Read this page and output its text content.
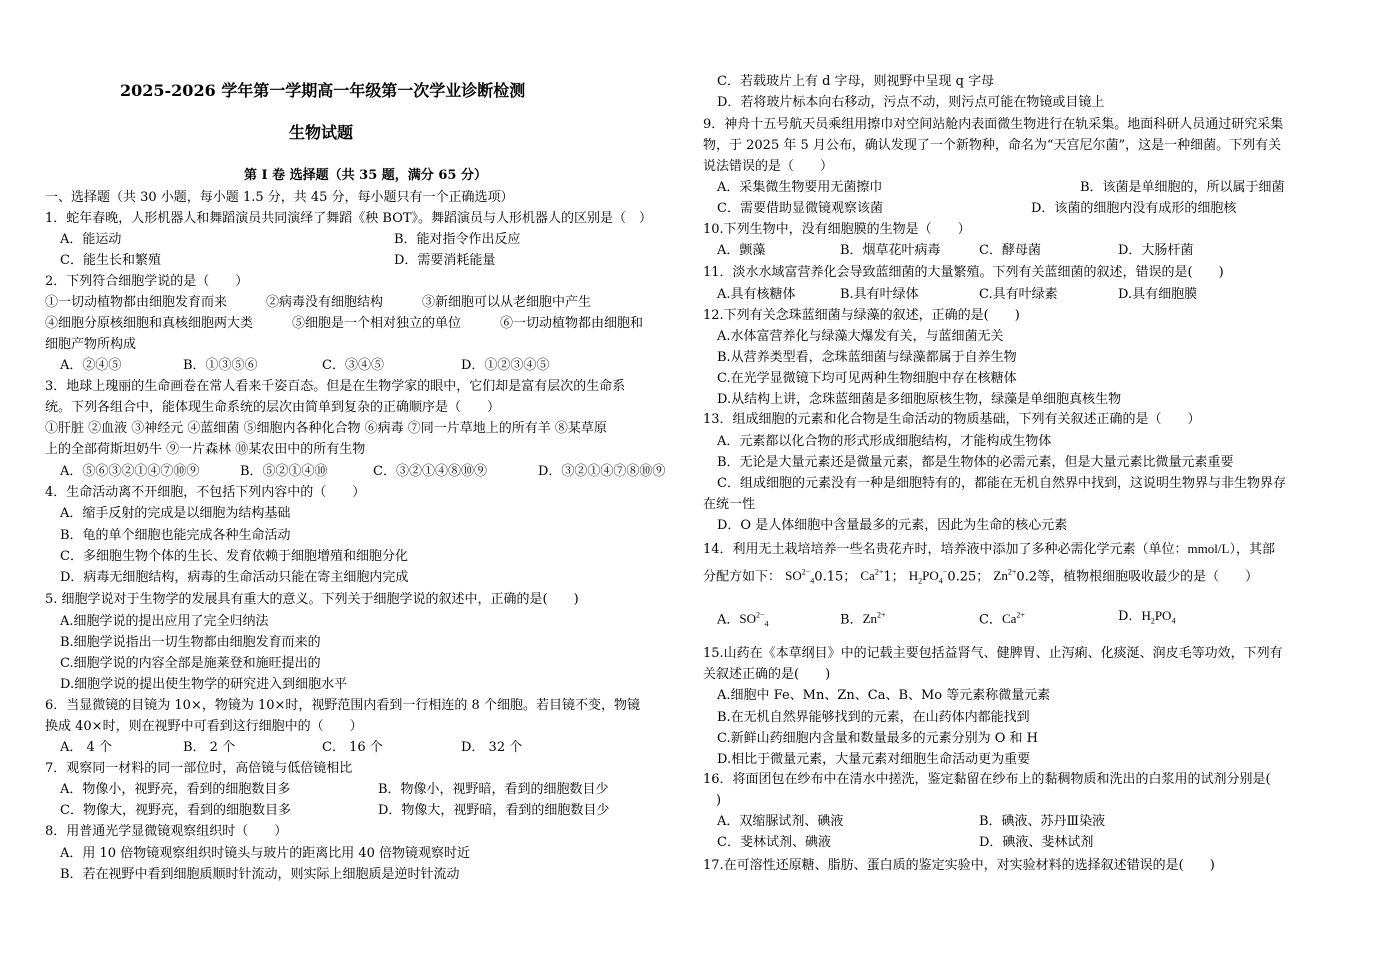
2025-2026 学年第一学期高一年级第一次学业诊断检测
生物试题
第 Ⅰ 卷 选择题（共 35 题，满分 65 分）
一、选择题（共 30 小题，每小题 1.5 分，共 45 分，每小题只有一个正确选项）
1．蛇年春晚，人形机器人和舞蹈演员共同演绎了舞蹈《秧 BOT》。舞蹈演员与人形机器人的区别是（　）
A．能运动	B．能对指令作出反应
C．能生长和繁殖	D．需要消耗能量
2．下列符合细胞学说的是（　　）
①一切动植物都由细胞发育而来　　　②病毒没有细胞结构　　　③新细胞可以从老细胞中产生
④细胞分原核细胞和真核细胞两大类　　　⑤细胞是一个相对独立的单位　　　⑥一切动植物都由细胞和
细胞产物所构成
A．②④⑤	B．①③⑤⑥	C．③④⑤	D．①②③④⑤
3．地球上瑰丽的生命画卷在常人看来千姿百态。但是在生物学家的眼中，它们却是富有层次的生命系
统。下列各组合中，能体现生命系统的层次由简单到复杂的正确顺序是（　　）
①肝脏 ②血液 ③神经元 ④蓝细菌 ⑤细胞内各种化合物 ⑥病毒 ⑦同一片草地上的所有羊 ⑧某草原
上的全部荷斯坦奶牛 ⑨一片森林 ⑩某农田中的所有生物
A．⑤⑥③②①④⑦⑩⑨	B．⑤②①④⑩	C．③②①④⑧⑩⑨	D．③②①④⑦⑧⑩⑨
4．生命活动离不开细胞，不包括下列内容中的（　　）
A．缩手反射的完成是以细胞为结构基础
B．龟的单个细胞也能完成各种生命活动
C．多细胞生物个体的生长、发育依赖于细胞增殖和细胞分化
D．病毒无细胞结构，病毒的生命活动只能在寄主细胞内完成
5. 细胞学说对于生物学的发展具有重大的意义。下列关于细胞学说的叙述中，正确的是(　　)
A.细胞学说的提出应用了完全归纳法
B.细胞学说指出一切生物都由细胞发育而来的
C.细胞学说的内容全部是施莱登和施旺提出的
D.细胞学说的提出使生物学的研究进入到细胞水平
6．当显微镜的目镜为 10×，物镜为 10×时，视野范围内看到一行相连的 8 个细胞。若目镜不变，物镜
换成 40×时，则在视野中可看到这行细胞中的（　　）
A． 4 个	B． 2 个	C． 16 个	D． 32 个
7．观察同一材料的同一部位时，高倍镜与低倍镜相比
A．物像小，视野亮，看到的细胞数目多	B．物像小，视野暗，看到的细胞数目少
C．物像大，视野亮，看到的细胞数目多	D．物像大，视野暗，看到的细胞数目少
8．用普通光学显微镜观察组织时（　　）
A．用 10 倍物镜观察组织时镜头与玻片的距离比用 40 倍物镜观察时近
B．若在视野中看到细胞质顺时针流动，则实际上细胞质是逆时针流动
C．若载玻片上有 d 字母，则视野中呈现 q 字母
D．若将玻片标本向右移动，污点不动，则污点可能在物镜或目镜上
9．神舟十五号航天员乘组用擦巾对空间站舱内表面微生物进行在轨采集。地面科研人员通过研究采集
物，于 2025 年 5 月公布，确认发现了一个新物种，命名为“天宫尼尔菌”，这是一种细菌。下列有关
说法错误的是（　　）
A．采集微生物要用无菌擦巾	B．该菌是单细胞的，所以属于细菌
C．需要借助显微镜观察该菌	D．该菌的细胞内没有成形的细胞核
10.下列生物中，没有细胞膜的生物是（　　）
A．颤藻	B．烟草花叶病毒	C．酵母菌	D．大肠杆菌
11．淡水水域富营养化会导致蓝细菌的大量繁殖。下列有关蓝细菌的叙述，错误的是(　　)
A.具有核糖体	B.具有叶绿体	C.具有叶绿素	D.具有细胞膜
12.下列有关念珠蓝细菌与绿藻的叙述，正确的是(　　)
A.水体富营养化与绿藻大爆发有关，与蓝细菌无关
B.从营养类型看，念珠蓝细菌与绿藻都属于自养生物
C.在光学显微镜下均可见两种生物细胞中存在核糖体
D.从结构上讲，念珠蓝细菌是多细胞原核生物，绿藻是单细胞真核生物
13．组成细胞的元素和化合物是生命活动的物质基础，下列有关叙述正确的是（　　）
A．元素都以化合物的形式形成细胞结构，才能构成生物体
B．无论是大量元素还是微量元素，都是生物体的必需元素，但是大量元素比微量元素重要
C．组成细胞的元素没有一种是细胞特有的，都能在无机自然界中找到，这说明生物界与非生物界存
在统一性
D．O 是人体细胞中含量最多的元素，因此为生命的核心元素
14．利用无土栽培培养一些名贵花卉时，培养液中添加了多种必需化学元素（单位：mmol/L），其部
分配方如下： $SO^{2-}_40.15$； $Ca^{2+}1$； $H_2PO_4^-0.25$； $Zn^{2+}0.2$等，植物根细胞吸收最少的是（　　）
A．$SO^{2-}_4$	B．$Zn^{2+}$	C．$Ca^{2+}$	D．$H_2PO_4$
15.山药在《本草纲目》中的记载主要包括益肾气、健脾胃、止泻痢、化痰涎、润皮毛等功效，下列有
关叙述正确的是(　　)
A.细胞中 Fe、Mn、Zn、Ca、B、Mo 等元素称微量元素
B.在无机自然界能够找到的元素，在山药体内都能找到
C.新鲜山药细胞内含量和数量最多的元素分别为 O 和 H
D.相比于微量元素，大量元素对细胞生命活动更为重要
16．将面团包在纱布中在清水中搓洗，鉴定黏留在纱布上的黏稠物质和洗出的白浆用的试剂分别是(
　)
A．双缩脲试剂、碘液	B．碘液、苏丹Ⅲ染液
C．斐林试剂、碘液	D．碘液、斐林试剂
17.在可溶性还原糖、脂肪、蛋白质的鉴定实验中，对实验材料的选择叙述错误的是(　　)
